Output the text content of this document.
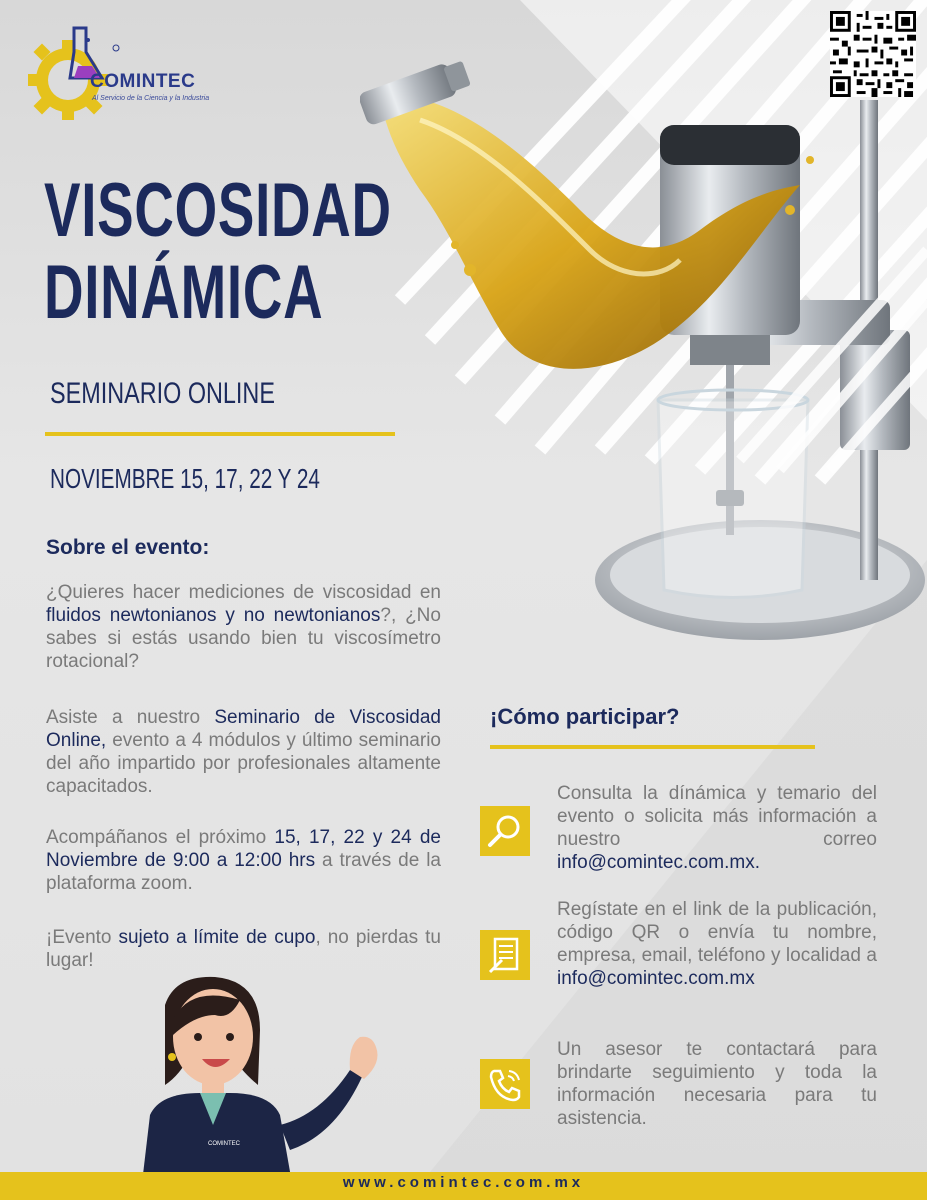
COMINTEC
Al Servicio de la Ciencia y la Industria
VISCOSIDAD
DINÁMICA
SEMINARIO ONLINE
NOVIEMBRE 15, 17, 22 Y 24
Sobre el evento:
¿Quieres hacer mediciones de viscosidad en fluidos newtonianos y no newtonianos?, ¿No sabes si estás usando bien tu viscosímetro rotacional?
Asiste a nuestro Seminario de Viscosidad Online, evento a 4 módulos y último seminario del año impartido por profesionales altamente capacitados.
Acompáñanos el próximo 15, 17, 22 y 24 de Noviembre de 9:00 a 12:00 hrs a través de la plataforma zoom.
¡Evento sujeto a límite de cupo, no pierdas tu lugar!
¡Cómo participar?
Consulta la dínámica y temario del evento o solicita más información a nuestro correo info@comintec.com.mx.
Regístate en el link de la publicación, código QR o envía tu nombre, empresa, email, teléfono y localidad a info@comintec.com.mx
Un asesor te contactará para brindarte seguimiento y toda la información necesaria para tu asistencia.
COMINTEC
www.comintec.com.mx
